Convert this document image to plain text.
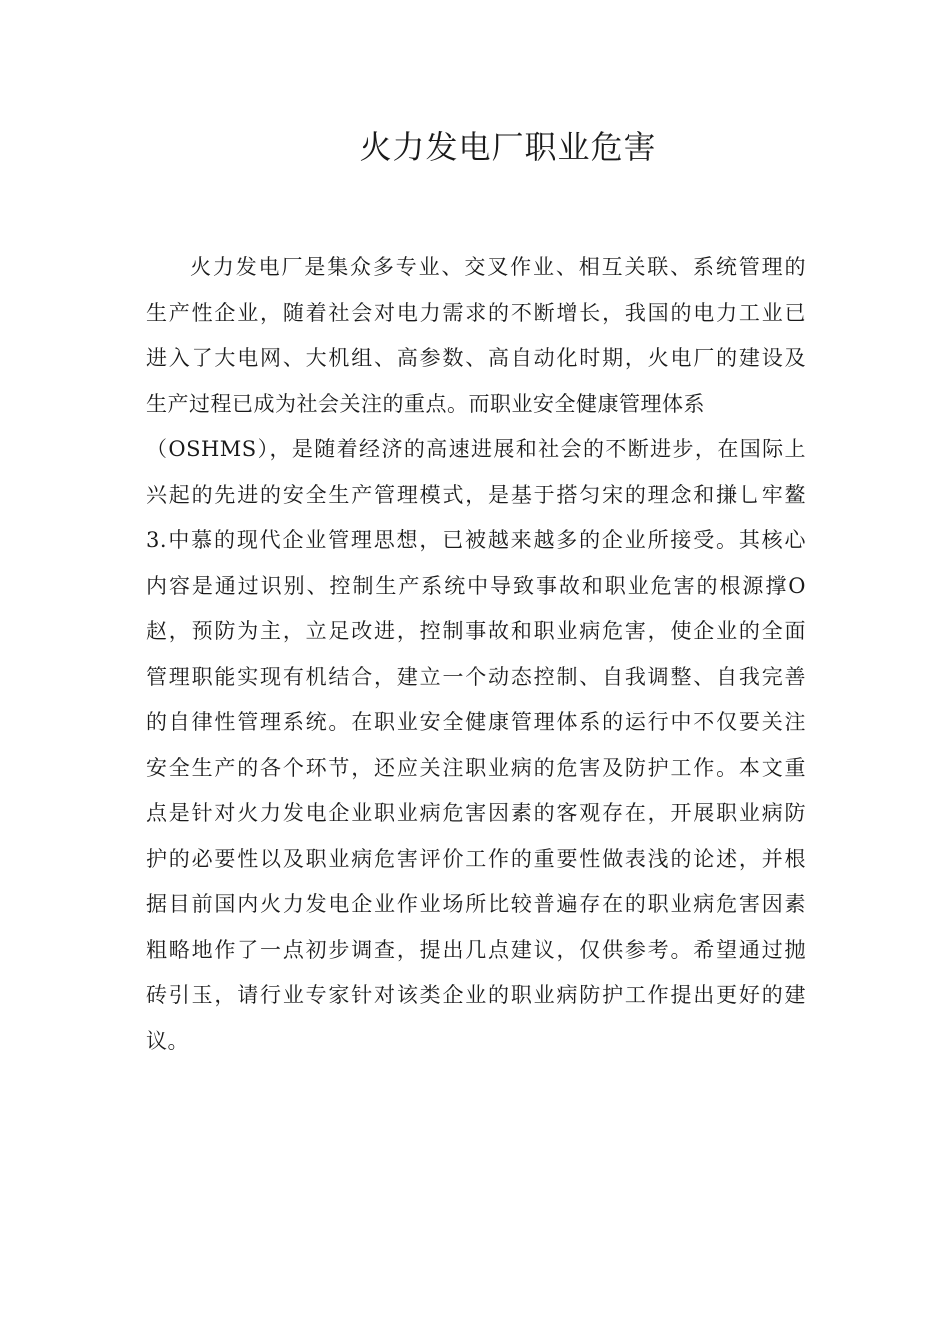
火力发电厂职业危害
火力发电厂是集众多专业、交叉作业、相互关联、系统管理的
生产性企业，随着社会对电力需求的不断增长，我国的电力工业已
进入了大电网、大机组、高参数、高自动化时期，火电厂的建设及
生产过程已成为社会关注的重点。而职业安全健康管理体系
（OSHMS），是随着经济的高速进展和社会的不断进步，在国际上
兴起的先进的安全生产管理模式，是基于搭匀宋的理念和搛乚牢鳌
3.中慕的现代企业管理思想，已被越来越多的企业所接受。其核心
内容是通过识别、控制生产系统中导致事故和职业危害的根源撑O
赵，预防为主，立足改进，控制事故和职业病危害，使企业的全面
管理职能实现有机结合，建立一个动态控制、自我调整、自我完善
的自律性管理系统。在职业安全健康管理体系的运行中不仅要关注
安全生产的各个环节，还应关注职业病的危害及防护工作。本文重
点是针对火力发电企业职业病危害因素的客观存在，开展职业病防
护的必要性以及职业病危害评价工作的重要性做表浅的论述，并根
据目前国内火力发电企业作业场所比较普遍存在的职业病危害因素
粗略地作了一点初步调查，提出几点建议，仅供参考。希望通过抛
砖引玉，请行业专家针对该类企业的职业病防护工作提出更好的建
议。
